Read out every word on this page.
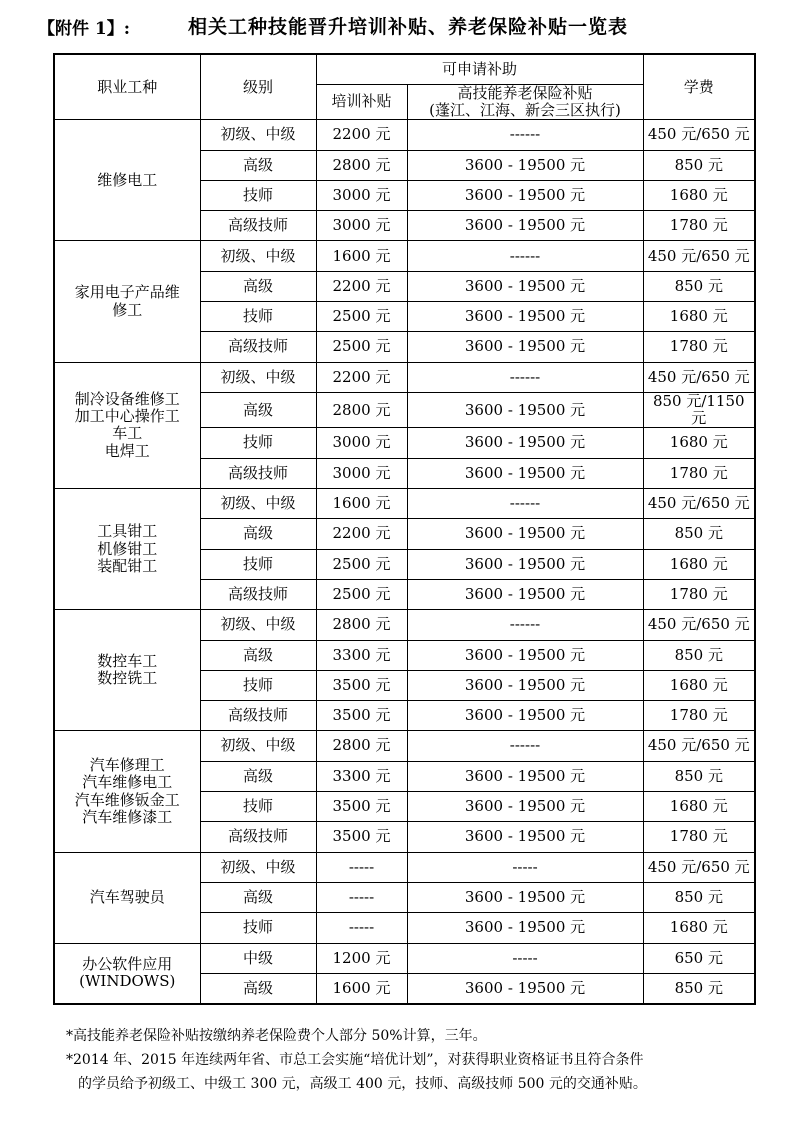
【附件 1】:	相关工种技能晋升培训补贴、养老保险补贴一览表
职业工种	级别	可申请补助		学费
		培训补贴	高技能养老保险补贴
(蓬江、江海、新会三区执行)	

维修电工	初级、中级	2200 元	------	450 元/650 元
	高级	2800 元	3600 - 19500 元	850 元
	技师	3000 元	3600 - 19500 元	1680 元
	高级技师	3000 元	3600 - 19500 元	1780 元

家用电子产品维
修工	初级、中级	1600 元	------	450 元/650 元
	高级	2200 元	3600 - 19500 元	850 元
	技师	2500 元	3600 - 19500 元	1680 元
	高级技师	2500 元	3600 - 19500 元	1780 元

制冷设备维修工
加工中心操作工
车工
电焊工	初级、中级	2200 元	------	450 元/650 元
	高级	2800 元	3600 - 19500 元	850 元/1150 元
	技师	3000 元	3600 - 19500 元	1680 元
	高级技师	3000 元	3600 - 19500 元	1780 元

工具钳工
机修钳工
装配钳工	初级、中级	1600 元	------	450 元/650 元
	高级	2200 元	3600 - 19500 元	850 元
	技师	2500 元	3600 - 19500 元	1680 元
	高级技师	2500 元	3600 - 19500 元	1780 元

数控车工
数控铣工	初级、中级	2800 元	------	450 元/650 元
	高级	3300 元	3600 - 19500 元	850 元
	技师	3500 元	3600 - 19500 元	1680 元
	高级技师	3500 元	3600 - 19500 元	1780 元

汽车修理工
汽车维修电工
汽车维修钣金工
汽车维修漆工	初级、中级	2800 元	------	450 元/650 元
	高级	3300 元	3600 - 19500 元	850 元
	技师	3500 元	3600 - 19500 元	1680 元
	高级技师	3500 元	3600 - 19500 元	1780 元

汽车驾驶员	初级、中级	-----	-----	450 元/650 元
	高级	-----	3600 - 19500 元	850 元
	技师	-----	3600 - 19500 元	1680 元

办公软件应用
(WINDOWS)	中级	1200 元	-----	650 元
	高级	1600 元	3600 - 19500 元	850 元

*高技能养老保险补贴按缴纳养老保险费个人部分 50%计算，三年。

*2014 年、2015 年连续两年省、市总工会实施“培优计划”，对获得职业资格证书且符合条件

的学员给予初级工、中级工 300 元，高级工 400 元，技师、高级技师 500 元的交通补贴。
